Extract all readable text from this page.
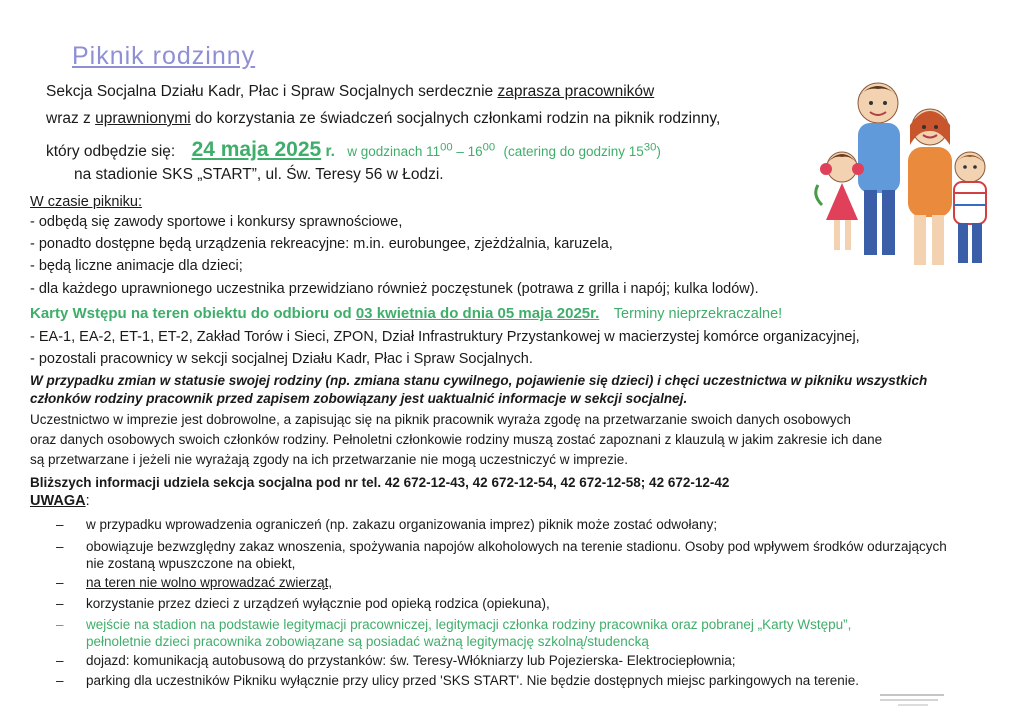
Piknik rodzinny
Sekcja Socjalna Działu Kadr, Płac i Spraw Socjalnych serdecznie zaprasza pracowników
wraz z uprawnionymi do korzystania ze świadczeń socjalnych członkami rodzin na piknik rodzinny,
który odbędzie się: 24 maja 2025 r. w godzinach $11^{00} - 16^{00}$ (catering do godziny $15^{30}$)
na stadionie SKS „START”, ul. Św. Teresy 56 w Łodzi.
W czasie pikniku:
- odbędą się zawody sportowe i konkursy sprawnościowe,
- ponadto dostępne będą urządzenia rekreacyjne: m.in. eurobungee, zjeżdżalnia, karuzela,
- będą liczne animacje dla dzieci;
- dla każdego uprawnionego uczestnika przewidziano również poczęstunek (potrawa z grilla i napój; kulka lodów).
Karty Wstępu na teren obiektu do odbioru od 03 kwietnia do dnia 05 maja 2025r. Terminy nieprzekraczalne!
- EA-1, EA-2, ET-1, ET-2, Zakład Torów i Sieci, ZPON, Dział Infrastruktury Przystankowej w macierzystej komórce organizacyjnej,
- pozostali pracownicy w sekcji socjalnej Działu Kadr, Płac i Spraw Socjalnych.
W przypadku zmian w statusie swojej rodziny (np. zmiana stanu cywilnego, pojawienie się dzieci) i chęci uczestnictwa w pikniku wszystkich
członków rodziny pracownik przed zapisem zobowiązany jest uaktualnić informacje w sekcji socjalnej.
Uczestnictwo w imprezie jest dobrowolne, a zapisując się na piknik pracownik wyraża zgodę na przetwarzanie swoich danych osobowych
oraz danych osobowych swoich członków rodziny. Pełnoletni członkowie rodziny muszą zostać zapoznani z klauzulą w jakim zakresie ich dane
są przetwarzane i jeżeli nie wyrażają zgody na ich przetwarzanie nie mogą uczestniczyć w imprezie.
Bliższych informacji udziela sekcja socjalna pod nr tel. 42 672-12-43, 42 672-12-54, 42 672-12-58; 42 672-12-42
UWAGA:
– w przypadku wprowadzenia ograniczeń (np. zakazu organizowania imprez) piknik może zostać odwołany;
– obowiązuje bezwzględny zakaz wnoszenia, spożywania napojów alkoholowych na terenie stadionu. Osoby pod wpływem środków odurzających
nie zostaną wpuszczone na obiekt,
– na teren nie wolno wprowadzać zwierząt,
– korzystanie przez dzieci z urządzeń wyłącznie pod opieką rodzica (opiekuna),
– wejście na stadion na podstawie legitymacji pracowniczej, legitymacji członka rodziny pracownika oraz pobranej „Karty Wstępu”,
pełnoletnie dzieci pracownika zobowiązane są posiadać ważną legitymację szkolną/studencką
– dojazd: komunikacją autobusową do przystanków: św. Teresy-Włókniarzy lub Pojezierska- Elektrociepłownia;
– parking dla uczestników Pikniku wyłącznie przy ulicy przed 'SKS START'. Nie będzie dostępnych miejsc parkingowych na terenie.
